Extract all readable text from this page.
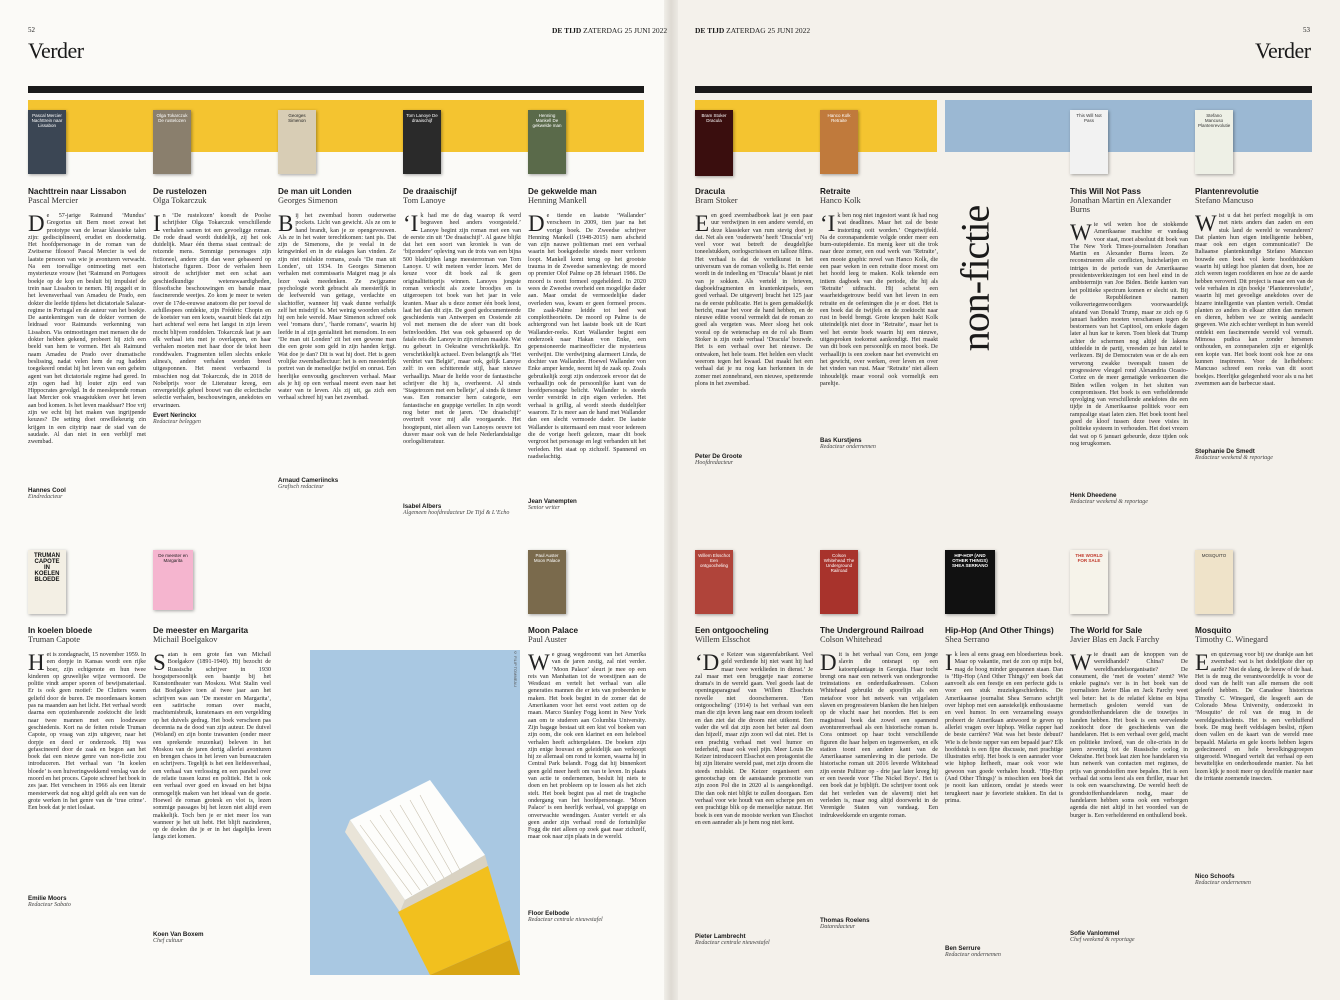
52	DE TIJD ZATERDAG 25 JUNI 2022
Verder
DE TIJD ZATERDAG 25 JUNI 2022	53
Verder
Pascal Mercier Nachttrein naar Lissabon
Olga Tokarczuk De rustelozen
Georges Simenon
Tom Lanoye De draaischijf
Henning Mankell De gekwelde man
Bram Stoker Dracula
Hanco Kolk Retraite
This Will Not Pass
Stefano Mancuso Plantenrevolutie
non-fictie
Nachttrein naar Lissabon
Pascal Mercier
De 57-jarige Raimund ‘Mundus’ Gregorius uit Bern moet zowat het prototype van de leraar klassieke talen zijn: gedisciplineerd, erudiet en doodernstig. Het hoofdpersonage in de roman van de Zwitserse filosoof Pascal Mercier is wel de laatste persoon van wie je avonturen verwacht. Na een toevallige ontmoeting met een mysterieuze vrouw (het ‘Raimund en Portugees boekje op de kop en besluit bij impulsief de trein naar Lissabon te nemen. Hij zeggelt er in het levensverhaal van Amadeu de Prado, een dokter die leefde tijdens het dictatoriale Salazar-regime in Portugal en de auteur van het boekje. De aantekeningen van de dokter vormen de leidraad voor Raimunds verkenning van Lissabon. Via ontmoetingen met mensen die de dokter hebben gekend, probeert hij zich een beeld van hem te vormen. Het als Raimund naam Amadeu de Prado over dramatische beslissing, nadat velen hem de rug hadden toegekeerd omdat hij het leven van een geheim agent van het dictatoriale regime had gered. In zijn ogen had hij louter zijn eed van Hippocrates gevolgd. In de meeslepende roman laat Mercier ook vraagstukken over het leven aan bod komen. Is het leven maakbaar? Hoe vrij zijn we echt bij het maken van ingrijpende keuzes? De setting doet onwillekeurig zin krijgen in een citytrip naar de stad van de saudade. Al dan niet in een verblijf met zwembad.
Hannes Cool
Eindredacteur
De rustelozen
Olga Tokarczuk
In ‘De rustelozen’ koesdt de Poolse schrijfster Olga Tokarczuk verschillende verhalen samen tot een gevoeligge roman. De rode draad wordt duidelijk, zij het ook duidelijk. Maar één thema staat centraal: de reizende mens. Sommige personages zijn fictioneel, andere zijn dan weer gebaseerd op historische figuren. Door de verhalen heen strooit de schrijfster met een schat aan geschiedkundige wetenswaardigheden, filosofische beschouwingen en banale maar fascinerende weetjes. Zo kom je meer te weten over de 17de-eeuwse anatoom die per toeval de achillespees ontdekte, zijn Frédéric Chopin en de koetsier van een koets, waaruit bleek dat zijn hart achteraf wel eens het langst in zijn leven mocht blijven ronddolen. Tokarczuk laat je aan elk verhaal iets met je overlappen, en haar verhalen moeten met haar door de tekst heen ronddwalen. Fragmenten tellen slechts enkele alinea's, andere verhalen worden breed uitgesponnen. Het meest verbazend is misschien nog dat Tokarczuk, die in 2018 de Nobelprijs voor de Literatuur kreeg, een onvergetelijk geheel bouwt van die eclectische selectie verhalen, beschouwingen, anekdotes en ervaringen.
Evert Nerinckx
Redacteur beleggen
De man uit Londen
Georges Simenon
Bij het zwembad horen ouderwetse pockets. Licht van gewicht. Als ze om te hand brandt, kan je ze opengevouwen. Als ze in het water terechtkomen: tant pis. Dat zijn de Simenons, die je veelal in de kringwinkel en in de etalages kan vinden. Ze zijn niet mislukte romans, zoals ‘De man uit Londen’, uit 1934. In Georges Simenon verhalen met commissaris Maigret mag je als lezer vaak meedenken. Ze zwijgzame psychologie wordt gebracht als meesterlijk in de leefwereld van gettage, verdachte en slachtoffer, wanneer hij vaak dunne verhalijk zelf het misdrijf is. Met weinig woorden schets hij een hele wereld. Maar Simenon schreef ook veel ‘romans durs’, ‘harde romans’, waarin hij leefde in al zijn genialiteit het mensdom. In een ‘De man uit Londen’ zit het een gewone man die een grote som geld in zijn handen krijgt. Wat doe je dan? Dit is wat hij doet. Het is geen vrolijke zwembadlectuur: het is een meesterlijk portret van de menselijke twijfel en onrust. Een heerlijke eenvoudig geschreven verhaal. Maar als je hij op een verhaal meent even naar het water van te leven. Als zij uit, ga zich een verhaal schreef hij van het zwembad.
Arnaud Cameriincks
Grafisch redacteur
De draaischijf
Tom Lanoye
‘Ik had me de dag waarop ik werd begraven heel anders voorgesteld.’ Lanoye begint zijn roman met een van de eerste zin uit ‘De draaischijf’. Al gauw blijkt dat het een soort van kroniek is van de ‘bijzondere’ opleving van de trots van een bijna 500 bladzijden lange meesterroman van Tom Lanoye. U wilt meteen verder lezen. Met de keuze voor dit boek zal ik geen originaliteitsprijs winnen. Lanoyes jongste roman verkocht als zoete broodjes en is uitgeroepen tot boek van het jaar in vele kranten. Maar als u deze zomer één boek leest, laat het dan dit zijn. De goed gedocumenteerde geschiedenis van Antwerpen en Oostende zit vol met mensen die de sfeer van dit boek beïnvloedden. Het was ook gebaseerd op de fatale reis die Lanoye in zijn reizen maakte. Wat nu gebeurt in Oekraïne verschrikkelijk. En verschrikkelijk actueel. Even belangrijk als ‘Het verdriet van België’, maar ook, gelijk Lanoye zelf: in een schitterende stijl, haar nieuwe verhaallijn. Maar de liefde voor de fantastische schrijver die hij is, overheerst. Al sinds ‘Stagetrozen met een belletje’, al sinds ik tiener was. Een romancier hem categorie, een fantastische en grappige verteller. In zijn wordt nog beter met de jaren. ‘De draaischijf’ overtreft voor mij alle voorgaande. Het hoogtepunt, niet alleen van Lanoyes oeuvre tot dusver maar ook van de hele Nederlandstalige oorlogsliteratuur.
Isabel Albers
Algemeen hoofdredacteur De Tijd & L’Echo
De gekwelde man
Henning Mankell
De tiende en laatste ‘Wallander’ verscheen in 2009, tien jaar na het vorige boek. De Zweedse schrijver Henning Mankell (1948-2015) nam afscheid van zijn nauwe politieman met een verhaal waarin het boekgedeelte steeds meer verloren loopt. Mankell komt terug op het grootste trauma in de Zweedse samenleving: de moord op premier Olof Palme op 28 februari 1986. De moord is nooit formeel opgehelderd. In 2020 wees de Zweedse overheid een mogelijke dader aan. Maar omdat de vermoedelijke dader overleden was, kwam er geen formeel proces. De zaak-Palme leidde tot heel wat complottheorieën. De moord op Palme is de achtergrond van het laatste boek uit de Kurt Wallander-reeks. Kurt Wallander begint een onderzoek naar Hakan von Enke, een gepensioneerde marineofficier die mysterieus verdwijnt. Die verdwijning alarmeert Linda, de dochter van Wallander. Hoewel Wallander von Enke amper kende, neemt hij de zaak op. Zoals gebruikelijk zorgt zijn onderzoek ervoor dat de verhaallijn ook de persoonlijke kant van de hoofdpersonage belicht. Wallander is steeds verder verstrikt in zijn eigen verleden. Het verhaal is grillig, al wordt steeds duidelijker waarom. Er is meer aan de hand met Wallander dan een slecht vermoede dader. De laatste Wallander is uitermaard een must voor iedereen die de vorige heeft gelezen, maar dit boek vergroot het personage en legt verbanden uit het verleden. Het staat op zichzelf. Spannend en raadselachtig.
Jean Vanempten
Senior writer
Dracula
Bram Stoker
Een goed zwembadboek laat je een paar uur verdwijnen in een andere wereld, en deze klassieker van rum stevig doet je dat. Net als een ‘ouderwets’ heeft ‘Dracula’ vrij veel voor wat betreft de deugdelijke toneelstukken, oorlogscrisissen en talloze films. Het verhaal is dat de vertelkunst in het universum van de roman volledig is. Het eerste wordt in de indeeling en ‘Dracula’ blaast je niet van je sokken. Als verteld in brieven, dagboekfragmenten en krantenknipsels, een goed verhaal. De uitgeverij bracht het 125 jaar na de eerste publicatie. Het is geen gemakkelijk bericht, maar het voor de hand hebben, en de nieuwe editie vooral vermeldt dat de roman zo goed als vergeten was. Meer sloeg het ook vooral op de wetenschap en de rol als Bram Stoker is zijn oude verhaal ‘Dracula’ bouwde. Het is een verhaal over het nieuwe. De ontwaken, het hele team. Het helden een vlucht weerom tegen het kwaad. Dat maakt het een verhaal dat je nu nog kan herkennen in de zomer met zonnebrand, een nieuwe, spetterende plons in het zwembad.
Peter De Groote
Hoofdredacteur
Retraite
Hanco Kolk
‘Ik ben nog niet ingestort want ik had nog wat deadlines. Maar het zal de beste instorting ooit worden.’ Ongetwijfeld. Na de coronapandemie volgde onder meer een burn-outepidemie. En menig keer uit die trok naar deze zomer, een oud werk van ‘Retraite’, een mooie graphic novel van Hanco Kolk, die een paar weken in een retraite door moest om het hoofd leeg te maken. Kolk tekende een intiem dagboek van die periode, die hij als ‘Retraite’ uitbracht. Hij schetst een waarheidsgetrouw beeld van het leven in een retraite en de oefeningen die je er doet. Het is een boek dat de twijfels en de zoektocht naar rust in beeld brengt. Grote knopen hakt Kolk uiteindelijk niet door in ‘Retraite’, maar het is wel het eerste boek waarin hij een nieuwe, uitgesproken toekomst aankondigt. Het maakt van dit boek een persoonlijk en mooi boek. De verhaallijn is een zoeken naar het evenwicht en het gewicht, over werken, over leven en over het vinden van rust. Maar ‘Retraite’ niet alleen inhoudelijk maar vooral ook vormelijk een pareltje.
Bas Kurstjens
Redacteur ondernemen
This Will Not Pass
Jonathan Martin en Alexander Burns
Wie wil weten hoe de stokkende Amerikaanse machine er vandaag voor staat, moet absoluut dit boek van The New York Times-journalisten Jonathan Martin en Alexander Burns lezen. Ze reconstrueren alle conflicten, huichelarijen en intriges in de periode van de Amerikaanse presidentsverkiezingen tot een heel eind in de ambtstermijn van Joe Biden. Beide kanten van het politieke spectrum komen er slecht uit. Bij de Republikeinen namen volksvertegenwoordigers voorwaardelijk afstand van Donald Trump, maar ze zich op 6 januari hadden moeten verschansen tegen de bestormers van het Capitool, om enkele dagen later al hun kar te keren. Toen bleek dat Trump achter de schermen nog altijd de lakens uitdeelde in de partij, vreesden ze hun zetel te verliezen. Bij de Democraten was er de als een verwrong zwakke tweespalt tussen de progressieve vleugel rond Alexandria Ocasio-Cortez en de meer gematigde verkozenen die Biden willen volgen in het sluiten van compromissen. Het boek is een verhelderende opvolging van verschillende anekdotes die een tijdje in de Amerikaanse politiek voor een rampzalige staat laten zien. Het boek toont heel goed de kloof tussen deze twee visies in politieke systeem in verhouden. Het doet vrezen dat wat op 6 januari gebeurde, deze tijden ook nog terugkomen.
Henk Dheedene
Redacteur weekend & reportage
Plantenrevolutie
Stefano Mancuso
Wist u dat het perfect mogelijk is om met niets anders dan zaden en een stuk land de wereld te veranderen? Dat planten hun eigen intelligentie hebben, maar ook een eigen communicatie? De Italiaanse plantenkundige Stefano Mancuso bouwde een boek vol korte hoofdstukken waarin hij uitlegt hoe planten dat doen, hoe ze zich weren tegen roofdieren en hoe ze de aarde hebben veroverd. Dit project is maar een van de vele verhalen in zijn boekje ‘Plantenrevolutie’, waarin hij met gevoelige anekdotes over de bizarre intelligentie van planten vertelt. Omdat planten zo anders in elkaar zitten dan mensen en dieren, hebben we ze weinig aandacht gegeven. Wie zich echter verdiept in hun wereld ontdekt een fascinerende wereld vol vernuft. Mimosa pudica kan zonder hersenen onthouden, en zonnepanelen zijn er eigenlijk een kopie van. Het boek toont ook hoe ze ons kunnen inspireren. Voor de liefhebbers: Mancuso schreef een reeks van dit soort boekjes. Heerlijke gelegenheid voor als u na het zwemmen aan de barbecue staat.
Stephanie De Smedt
Redacteur weekend & reportage
TRUMAN CAPOTE IN KOELEN BLOEDE
De meester en Margarita
Paul Auster Moon Palace
Willem Elsschot Een ontgoocheling
Colson Whitehead The Underground Railroad
HIP-HOP (AND OTHER THINGS) SHEA SERRANO
THE WORLD FOR SALE
MOSQUITO
© FILIP TOMMEAU
In koelen bloede
Truman Capote
Het is zondagnacht, 15 november 1959. In een dorpje in Kansas wordt een rijke boer, zijn echtgenote en hun twee kinderen op gruwelijke wijze vermoord. De politie vindt amper sporen of bewijsmateriaal. Er is ook geen motief: De Clutters waren geliefd door de buren. De moordenaars komen pas na maanden aan het licht. Het verhaal wordt daarna een opzienbarende zoektocht die leidt naar twee mannen met een loodzware geschiedenis. Kort na de feiten reisde Truman Capote, op vraag van zijn uitgever, naar het dorpje en deed er onderzoek. Hij was gefascineerd door de zaak en begon aan het boek dat een nieuw genre van non-fictie zou introduceren. Het verhaal van ‘In koelen bloede’ is een huiveringwekkend verslag van de moord en het proces. Capote schreef het boek in zes jaar. Het verscheen in 1966 als een literair meesterwerk dat nog altijd geldt als een van de grote werken in het genre van de ‘true crime’. Een boek dat je niet loslaat.
Emilie Moors
Redacteur Sabato
De meester en Margarita
Michail Boelgakov
Satan is een grote fan van Michail Boelgakov (1891-1940). Hij bezocht de Russische schrijver in 1930 hoogstpersoonlijk een baantje bij het Kunstontheater van Moskou. Wist Stalin veel dat Boelgakov toen al twee jaar aan het schrijven was aan ‘De meester en Margarita’, een satirische roman over macht, machtsmisbruik, kunstenaars en een vergelding op het duivels gedrag. Het boek verscheen pas decennia na de dood van zijn auteur. De duivel (Woland) en zijn bonte trawanten (onder meer een sprekende reuzenkat) beleven in het Moskou van de jaren dertig allerlei avonturen en brengen chaos in het leven van bureaucraten en schrijvers. Tegelijk is het een liefdesverhaal, een verhaal van verlossing en een parabel over de relatie tussen kunst en politiek. Het is ook een verhaal over goed en kwaad en het bijna onmogelijk maken van het ideaal van de goeie. Hoewel de roman grotesk en vlot is, lezen sommige passages bij het lezen niet altijd even makkelijk. Toch ben je er niet meer los van wanneer je het uit hebt. Het blijft nazinderen, op de doelen die je er in het dagelijks leven langs ziet komen.
Koen Van Boxem
Chef cultuur
Moon Palace
Paul Auster
We graag wegdroomt van het Amerika van de jaren zestig, zal niet verder. ‘Moon Palace’ sleurt je mee op een reis van Manhattan tot de woestijnen aan de Westkust en vertelt het verhaal van alle generaties mannen die er iets van probeerden te maken. Het boek begint in de zomer dat de Amerikanen voor het eerst voet zetten op de maan. Marco Stanley Fogg komt in New York aan om te studeren aan Columbia University. Zijn bagage bestaat uit een kist vol boeken van zijn oom, die ook een klarinet en een heleboel verhalen heeft achtergelaten. De boeken zijn zijn enige houvast en geleidelijk aan verkoopt hij ze allemaal om rond te komen, waarna hij in Central Park belandt. Fogg dat hij binnenkort geen geld meer heeft om van te leven. In plaats van actie te ondernemen, besluit hij niets te doen en het probleem op te lossen als het zich stelt. Het boek begint pas al met de tragische ondergang van het hoofdpersonage. ‘Moon Palace’ is een heerlijk verhaal, vol grappige en onverwachte wendingen. Auster vertelt er als geen ander zijn verhaal rond de fortuinlijke Fogg die niet alleen op zoek gaat naar zichzelf, maar ook naar zijn plaats in de wereld.
Floor Eelbode
Redacteur centrale nieuwstafel
Een ontgoocheling
Willem Elsschot
‘De Keizer was sigarenfabrikant. Veel geld verdiende hij niet want hij had maar twee werklieden in dienst.’ Je zal maar met een bruggetje naar zomerse drama's in de wereld gaan. Veel goeds laat de openingsparagraaf van Willem Elsschots novelle niet doorschemeren. ‘Een ontgoocheling’ (1914) is het verhaal van een man die zijn leven lang naar een droom toeleeft en dan ziet dat die droom niet uitkomt. Een vader die wil dat zijn zoon het beter zal doen dan hijzelf, maar zijn zoon wil dat niet. Het is een prachtig verhaal met veel humor en tederheid, maar ook veel pijn. Meer Louis De Keizer introduceert Elsschot een protagonist die bij zijn literaire wereld past, met zijn droom die steeds mislukt. De Keizer organiseert een genootschap om de aanstaande promotie van zijn zoon Pol die in 2020 al is aangekondigd. Die dan ook niet blijkt te zullen doorgaan. Een verhaal voor wie houdt van een scherpe pen en een prachtige blik op de menselijke natuur. Het boek is een van de mooiste werken van Elsschot en een aanrader als je hem nog niet kent.
Pieter Lambrecht
Redacteur centrale nieuwstafel
The Underground Railroad
Colson Whitehead
Dit is het verhaal van Cora, een jonge slavin die ontsnapt op een katoenplantage in Georgia. Haar tocht brengt ons naar een netwerk van ondergrondse treinstations en onderduikadressen. Colson Whitehead gebruikt de spoorlijn als een metafoor voor het netwerk van vrijgelaten slaven en progressieven blanken die hen hielpen op de vlucht naar het noorden. Het is een magistraal boek dat zowel een spannend avonturenverhaal als een historische roman is. Cora ontmoet op haar tocht verschillende figuren die haar helpen en tegenwerken, en elk station toont een andere kant van de Amerikaanse samenleving in die periode. De historische roman uit 2016 leverde Whitehead zijn eerste Pulitzer op - drie jaar later kreeg hij er een tweede voor ‘The Nickel Boys’. Het is een boek dat je bijblijft. De schrijver toont ook dat het verleden van de slavernij niet het verleden is, maar nog altijd doorwerkt in de Verenigde Staten van vandaag. Een indrukwekkende en urgente roman.
Thomas Roelens
Dataredacteur
Hip-Hop (And Other Things)
Shea Serrano
Ik lees al eens graag een bloedserieus boek. Maar op vakantie, met de zon op mijn bol, mag de boog minder gespannen staan. Dan is ‘Hip-Hop (And Other Things)’ een boek dat aanvoelt als een feestje en een perfecte gids is voor een stuk muziekgeschiedenis. De Amerikaanse journalist Shea Serrano schrijft over hiphop met een aanstekelijk enthousiasme en veel humor. In een verzameling essays probeert de Amerikaan antwoord te geven op allerlei vragen over hiphop. Welke rapper had de beste carrière? Wat was het beste debuut? Wie is de beste rapper van een bepaald jaar? Elk hoofdstuk is een fijne discussie, met prachtige illustraties erbij. Het boek is een aanrader voor wie hiphop liefheeft, maar ook voor wie gewoon van goede verhalen houdt. ‘Hip-Hop (And Other Things)’ is misschien een boek dat je nooit kan uitlezen, omdat je steeds weer terugkeert naar je favoriete stukken. En dat is prima.
Ben Serrure
Redacteur ondernemen
The World for Sale
Javier Blas en Jack Farchy
Wie draait aan de knoppen van de wereldhandel? China? De wereldhandelsorganisatie? De consument, die ‘met de voeten’ stemt? Wie enkele pagina's ver is in het boek van de journalisten Javier Blas en Jack Farchy weet wel beter: het is de relatief kleine en bijna hermetisch gesloten wereld van de grondstoffenhandelaren die de touwtjes in handen hebben. Het boek is een wervelende zoektocht door de geschiedenis van die handelaren. Het is een verhaal over geld, macht en politieke invloed, van de olie-crisis in de jaren zeventig tot de Russische oorlog in Oekraïne. Het boek laat zien hoe handelaren via hun netwerk van contacten met regimes, de prijs van grondstoffen mee bepalen. Het is een verhaal dat soms leest als een thriller, maar het is ook een waarschuwing. De wereld heeft de grondstoffenhandelaren nodig, maar de handelaren hebben soms ook een verborgen agenda die niet altijd in het voordeel van de burger is. Een verhelderend en onthullend boek.
Sofie Vanlommel
Chef weekend & reportage
Mosquito
Timothy C. Winegard
Een quizvraag voor bij uw drankje aan het zwembad: wat is het dodelijkste dier op aarde? Niet de slang, de leeuw of de haai. Het is de mug die verantwoordelijk is voor de dood van de helft van alle mensen die ooit geleefd hebben. De Canadese historicus Timothy C. Winegard, die lesgeeft aan de Colorado Mesa University, onderzoekt in ‘Mosquito’ de rol van de mug in de wereldgeschiedenis. Het is een verbluffend boek. De mug heeft veldslagen beslist, rijken doen vallen en de kaart van de wereld mee bepaald. Malaria en gele koorts hebben legers gedecimeerd en hele bevolkingsgroepen uitgeroeid. Winegard vertelt dat verhaal op een bevattelijke en onderhoudende manier. Na het lezen kijk je nooit meer op dezelfde manier naar die irritante zoemende insecten.
Nico Schoofs
Redacteur ondernemen
